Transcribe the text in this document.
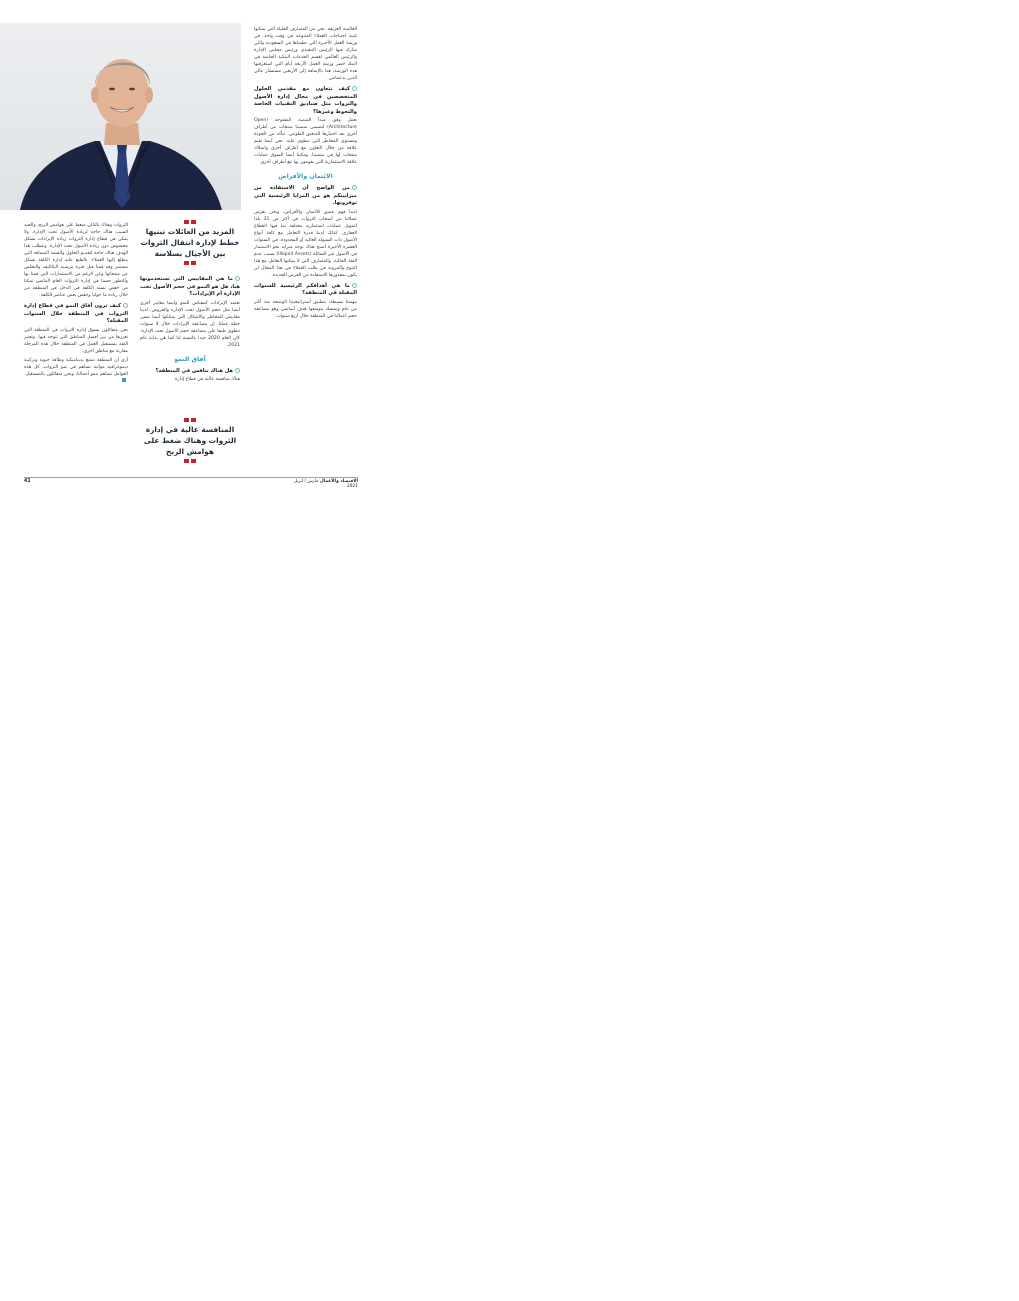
العالمية العريقة. نحن من المصارف القليلة التي يمكنها تلبية احتياجات العملاء المتنوعة في وقت واحد. في ورشة العمل الأخيرة التي نظمناها في السعودية والتي شارك فيها الرئيس التنفيذي ورئيس مجلس الإدارة والرئيس العالمي لقسم الخدمات البنكية الخاصة في البنك حضر ورشة العمل الأربعة أيام التي استغرقتها هذه الورشة، هذا بالإضافة إلى الأربعين مستشار عالي الذين يدعمانني.

كيف تتعاون مع مقدمي الحلول المتخصصين في مجال إدارة الأصول والثروات مثل صناديق التقنيات الخاصة والتحوط وغيرها؟

نعمل وفق مبدأ المنصة المفتوحة (Open Architecture) لتضمين منصتنا منتجات من أطراف أخرى بعد اختيارها للتدقيق الطوعي. نتأكد من الجودة ومستوى المخاطر التي تنطوي عليه. نحن أيضا نقيم علاقة من خلال التعاون مع أطراف أخرى وامتلاك منتجات لها في منصتنا. ومكننا أيضا السوق عمليات علاقة الاستثمارية التي يقومون بها مع أطراف أخرى.

الائتمان والأقراض
من الواضح أن الاستفادة من ميزانيتكم هو من المزايا الرئيسية التي توفرونها.

لدينا فهم عميق للائتمان والأقراض، ونحن نقرض عملائنا من أصحاب الثروات في أكثر من 31 بلدا لتمويل عمليات استثمارية مختلفة بما فيها القطاع العقاري. كذلك لدينا قدرة التعامل مع كافة أنواع الأصول ذات السيولة العالية أو المحدودة. في السنوات العشرة الأخيرة أصبح هناك توجه متزايد نحو الاستثمار في الأصول غير السائلة (Illiquid Assets) بسبب عدم الثقة الحالية. والمصارف التي لا يمكنها التعامل مع هذا التنوع والمرونة في طلب العملاء في هذا المجال لن يكون بمقدورها الاستفادة من الفرص الجديدة.

ما هي أهدافكم الرئيسية للسنوات المقبلة في المنطقة؟

مهمتنا بسيطة، بتطبيق استراتيجيتنا الوضحة منذ أكثر من عام وتمسك بتوسعها هدف أساسي وهو مضاعفة حجم أعمالنا في المنطقة خلال أربع سنوات.

المزيد من العائلات تبنيها خطط لإدارة انتقال الثروات بين الأجيال بسلاسة
ما هي المقاييس التي تستخدمونها هنا، هل هو النمو في حجم الأصول تحت الإدارة أم الإيرادات؟

نعتمد الإيرادات كمقياس للنمو وأيضا معايير أخرى أيضا مثل حجم الأصول تحت الإدارة والقروض. لدينا مقاييس للمخاطر والأشكال التي يمتلكها أيضا ضمن خطة عملنا. إن مضاعفة الإيرادات خلال 4 سنوات تنطوي طبقا على مضاعفة حجم الأصول تحت الإدارة. كان العام 2020 جيدا بالنسبة لنا كما هي بداية عام 2021.

آفاق النمو
هل هناك تنافس في المنطقة؟

هناك منافسة عالية في قطاع إدارة

المنافسة عالية في إدارة الثروات وهناك ضغط على هوامش الربح

الثروات وهناك بالتالي ضغط على هوامش الربح، والجيد السبب هناك حاجة لزيادة الأصول تحت الإدارة. ولا يمكن في قطاع إدارة الثروات زيادة الإيرادات بشكل محسوس دون زيادة الأصول تحت الإدارة. وتتطلب هذا الهدف هناك حاجة لتقديم الحلول والقيمة المضافة التي يتطلع إليها العملاء، بالطبع عليه إدارة الكلفة بشكل مستمر وقد قمنا قبل فترة بترشيد التكاليف والتخلص عن منتجاتها وعن الرغم من الاستثمارات التي قمنا بها والتطور حسنا في إدارة الثروات العام الماضي تمكنا من خفض نسبة الكلفة في الدخل في المنطقة من خلال زيادة ما حوليا وخفض بعض عناصر الكلفة.

كيف ترون آفاق النمو في قطاع إدارة الثروات في المنطقة خلال السنوات المقبلة؟

نحن متفائلون بسوق إدارة الثروات في المنطقة التي تعززها من بين أفضل المناطق التي تتوجد فيها. وتعتبر الثقة بمستقبل العمل في المنطقة خلال هذه المرحلة مقارنة مع مناطق أخرى.

أرى أن المنطقة تتمتع بديناميكية وطاقة حيوية وتركيبة ديموغرافية مواتية تساهم في نمو الثروات، كل هذه العوامل تساهم بنمو أعمالنا، ونحن متفائلون بالمستقبل.

41	الاقتصاد والأعمال مارس / ابريل 2021
